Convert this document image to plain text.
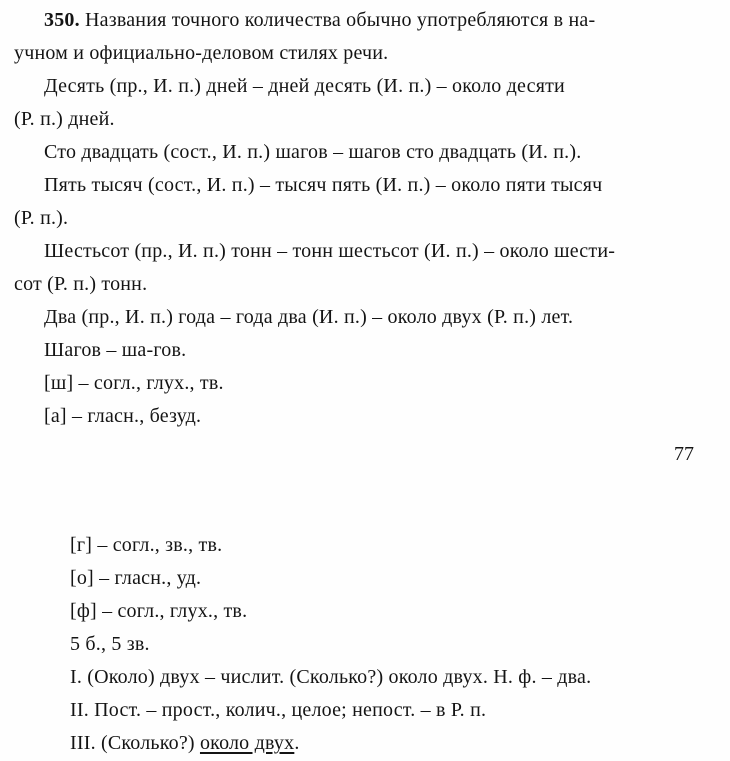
350. Названия точного количества обычно употребляются в на-
учном и официально-деловом стилях речи.
Десять (пр., И. п.) дней – дней десять (И. п.) – около десяти
(Р. п.) дней.
Сто двадцать (сост., И. п.) шагов – шагов сто двадцать (И. п.).
Пять тысяч (сост., И. п.) – тысяч пять (И. п.) – около пяти тысяч
(Р. п.).
Шестьсот (пр., И. п.) тонн – тонн шестьсот (И. п.) – около шести-
сот (Р. п.) тонн.
Два (пр., И. п.) года – года два (И. п.) – около двух (Р. п.) лет.
Шагов – ша-гов.
[ш] – согл., глух., тв.
[а] – гласн., безуд.
77
[г] – согл., зв., тв.
[о] – гласн., уд.
[ф] – согл., глух., тв.
5 б., 5 зв.
I. (Около) двух – числит. (Сколько?) около двух. Н. ф. – два.
II. Пост. – прост., колич., целое; непост. – в Р. п.
III. (Сколько?) около двух.
